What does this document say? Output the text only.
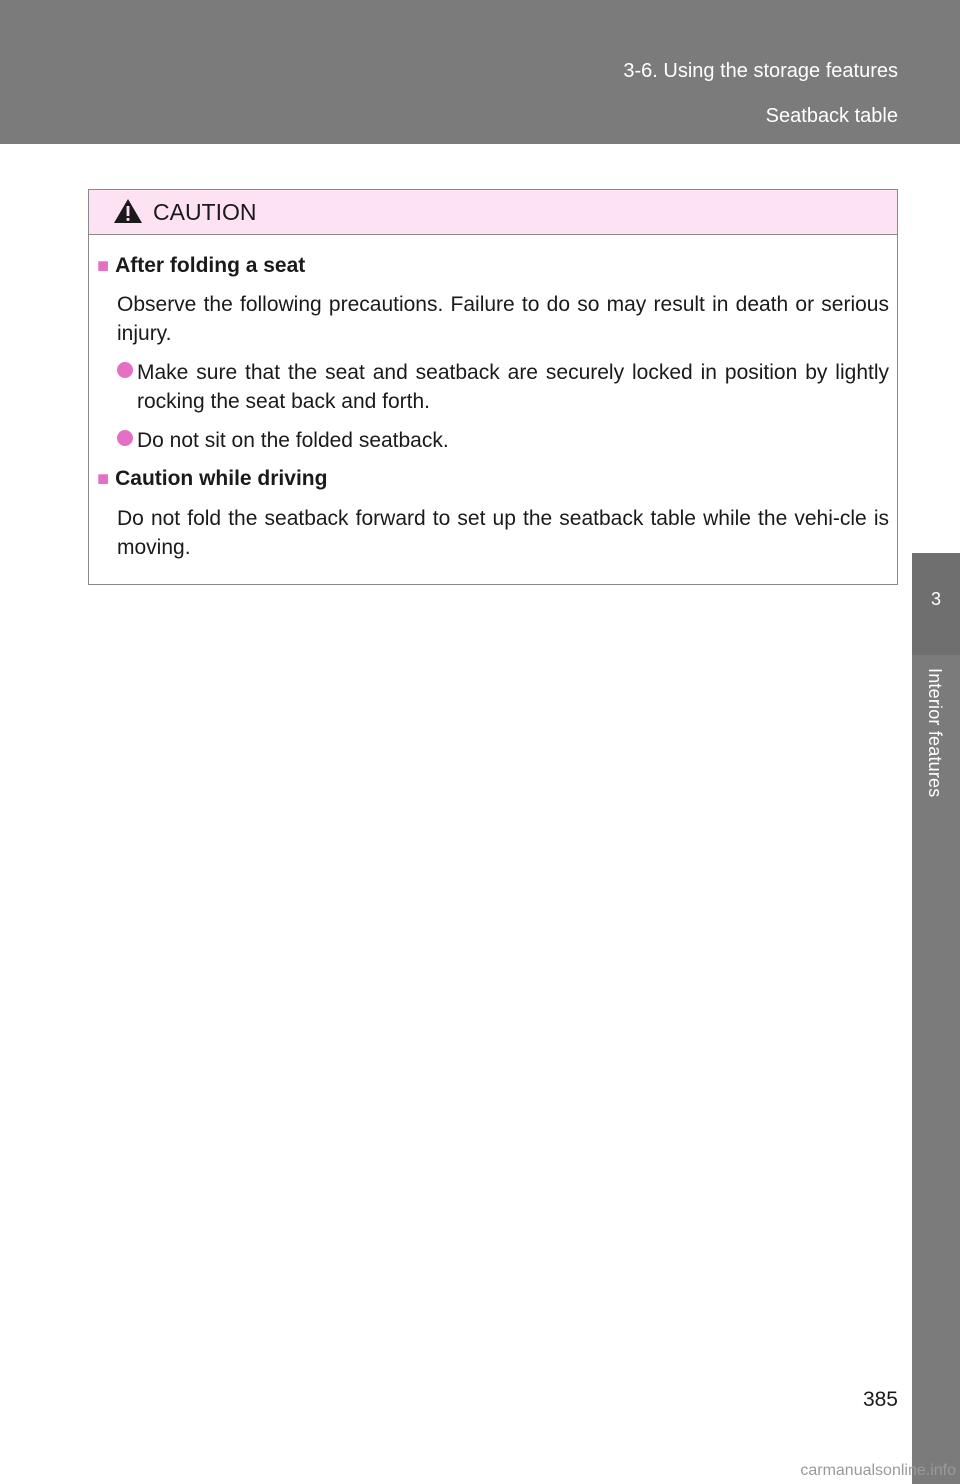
3-6. Using the storage features
Seatback table
3
Interior features
CAUTION
■ After folding a seat
Observe the following precautions. Failure to do so may result in death or serious injury.
Make sure that the seat and seatback are securely locked in position by lightly rocking the seat back and forth.
Do not sit on the folded seatback.
■ Caution while driving
Do not fold the seatback forward to set up the seatback table while the vehi-cle is moving.
385
carmanualsonline.info
